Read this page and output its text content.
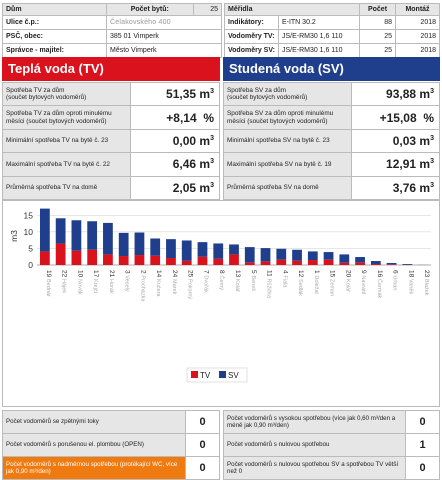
Dům	Počet bytů:	25
Ulice č.p.:	Čelakovského 400	
PSČ, obec:	385 01 Vimperk	
Správce - majitel:	Město Vimperk	
Měřidla		Počet	Montáž
Indikátory:	E-ITN 30.2	88	2018
Vodoměry TV:	JS/E-RM30 1,6 110	25	2018
Vodoměry SV:	JS/E-RM30 1,6 110	25	2018
Teplá voda (TV)	Studená voda (SV)
Spotřeba TV za dům
(součet bytových vodoměrů)	51,35 $m^3$
Spotřeba TV za dům oproti minulému měsíci (součet bytových vodoměrů)	+8,14 %
Minimální spotřeba TV na bytě č. 23	0,00 $m^3$
Maximální spotřeba TV na bytě č. 22	6,46 $m^3$
Průměrná spotřeba TV na domě	2,05 $m^3$
Spotřeba SV za dům
(součet bytových vodoměrů)	93,88 $m^3$
Spotřeba SV za dům oproti minulému měsíci (součet bytových vodoměrů)	+15,08 %
Minimální spotřeba SV na bytě č. 23	0,03 $m^3$
Maximální spotřeba SV na bytě č. 19	12,91 $m^3$
Průměrná spotřeba SV na domě	3,76 $m^3$
0
5
10
15
m3
19 Bednár
22 Hájek
10 Novák
17 Krejčí
21 Horák
3 Veselý
2 Procházka
14 Kučera
24 Marek
25 Pokorný
7 Dvořák
8 Černý
13 Kolář
5 Beneš
11 Růžička
4 Fiala
12 Sedlák
1 Doležal
15 Zeman
20 Kolář
9 Navrátil
16 Čermák
6 Urban
18 Vaněk
23 Blažek
TV SV
Počet vodoměrů se zpětnými toky	0
Počet vodoměrů s porušenou el. plombou (OPEN)	0
Počet vodoměrů s nadměrnou spotřebou (protékající WC, více jak 0,90 m³/den)	0
Počet vodoměrů s vysokou spotřebou (více jak 0,60 m³/den a méně jak 0,90 m³/den)	0
Počet vodoměrů s nulovou spotřebou	1
Počet vodoměrů s nulovou spotřebou SV a spotřebou TV větší než 0	0
